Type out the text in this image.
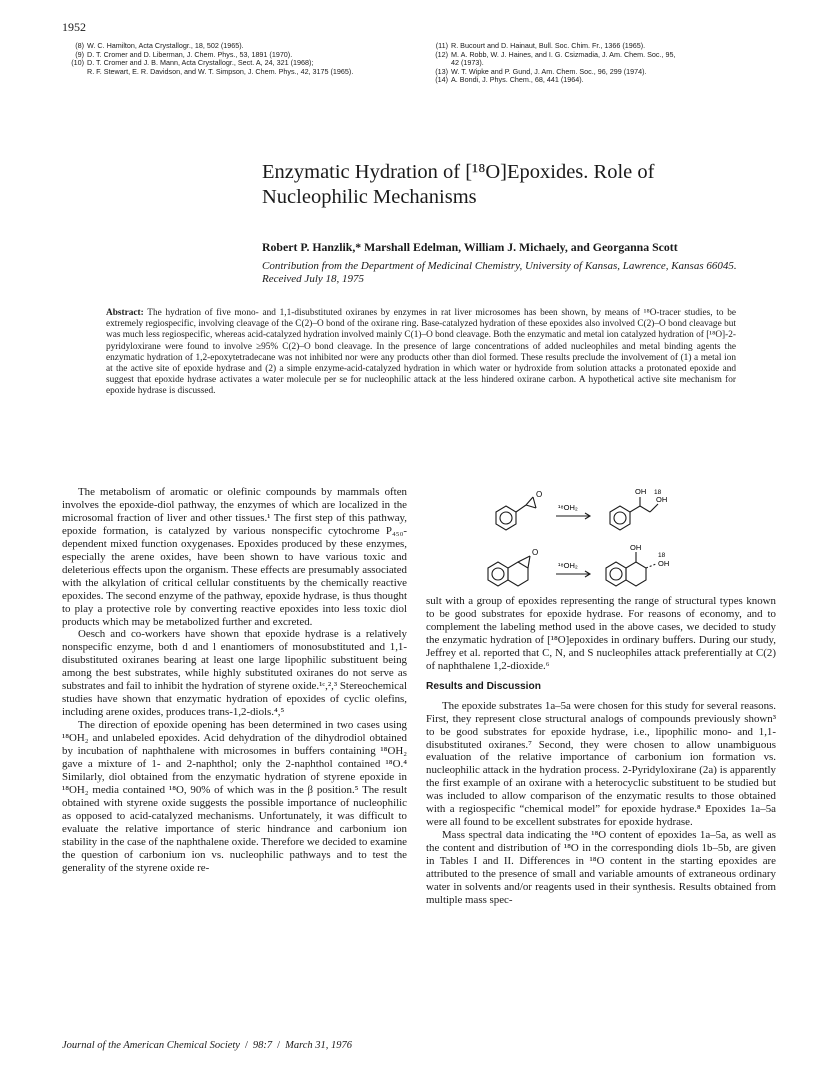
1952
(8) W. C. Hamilton, Acta Crystallogr., 18, 502 (1965).
(9) D. T. Cromer and D. Liberman, J. Chem. Phys., 53, 1891 (1970).
(10) D. T. Cromer and J. B. Mann, Acta Crystallogr., Sect. A, 24, 321 (1968);
R. F. Stewart, E. R. Davidson, and W. T. Simpson, J. Chem. Phys., 42, 3175 (1965).
(11) R. Bucourt and D. Hainaut, Bull. Soc. Chim. Fr., 1366 (1965).
(12) M. A. Robb, W. J. Haines, and I. G. Csizmadia, J. Am. Chem. Soc., 95,
42 (1973).
(13) W. T. Wipke and P. Gund, J. Am. Chem. Soc., 96, 299 (1974).
(14) A. Bondi, J. Phys. Chem., 68, 441 (1964).
Enzymatic Hydration of [¹⁸O]Epoxides. Role of Nucleophilic Mechanisms

Robert P. Hanzlik,* Marshall Edelman, William J. Michaely, and Georganna Scott

Contribution from the Department of Medicinal Chemistry, University of Kansas, Lawrence, Kansas 66045. Received July 18, 1975

Abstract: The hydration of five mono- and 1,1-disubstituted oxiranes by enzymes in rat liver microsomes has been shown, by means of ¹⁸O-tracer studies, to be extremely regiospecific, involving cleavage of the C(2)–O bond of the oxirane ring. Base-catalyzed hydration of these epoxides also involved C(2)–O bond cleavage but was much less regiospecific, whereas acid-catalyzed hydration involved mainly C(1)–O bond cleavage. Both the enzymatic and metal ion catalyzed hydration of [¹⁸O]-2-pyridyloxirane were found to involve ≥95% C(2)–O bond cleavage. In the presence of large concentrations of added nucleophiles and metal binding agents the enzymatic hydration of 1,2-epoxytetradecane was not inhibited nor were any products other than diol formed. These results preclude the involvement of (1) a metal ion at the active site of epoxide hydrase and (2) a simple enzyme-acid-catalyzed hydration in which water or hydroxide from solution attacks a protonated epoxide and suggest that epoxide hydrase activates a water molecule per se for nucleophilic attack at the less hindered oxirane carbon. A hypothetical active site mechanism for epoxide hydrase is discussed.

The metabolism of aromatic or olefinic compounds by mammals often involves the epoxide-diol pathway, the enzymes of which are localized in the microsomal fraction of liver and other tissues.¹ The first step of this pathway, epoxide formation, is catalyzed by various nonspecific cytochrome P₄₅₀-dependent mixed function oxygenases. Epoxides produced by these enzymes, especially the arene oxides, have been shown to have various toxic and deleterious effects upon the organism. These effects are presumably associated with the alkylation of critical cellular constituents by the chemically reactive epoxides. The second enzyme of the pathway, epoxide hydrase, is thus thought to play a protective role by converting reactive epoxides into less toxic diol products which may be metabolized further and excreted.

Oesch and co-workers have shown that epoxide hydrase is a relatively nonspecific enzyme, both d and l enantiomers of monosubstituted and 1,1-disubstituted oxiranes bearing at least one large lipophilic substituent being among the best substrates, while highly substituted oxiranes do not serve as substrates and fail to inhibit the hydration of styrene oxide.¹ᶜ,²,³ Stereochemical studies have shown that enzymatic hydration of epoxides of cyclic olefins, including arene oxides, produces trans-1,2-diols.⁴,⁵

The direction of epoxide opening has been determined in two cases using ¹⁸OH₂ and unlabeled epoxides. Acid dehydration of the dihydrodiol obtained by incubation of naphthalene with microsomes in buffers containing ¹⁸OH₂ gave a mixture of 1- and 2-naphthol; only the 2-naphthol contained ¹⁸O.⁴ Similarly, diol obtained from the enzymatic hydration of styrene epoxide in ¹⁸OH₂ media contained ¹⁸O, 90% of which was in the β position.⁵ The result obtained with styrene oxide suggests the possible importance of nucleophilic as opposed to acid-catalyzed mechanisms. Unfortunately, it was difficult to evaluate the relative importance of steric hindrance and carbonium ion stability in the case of the naphthalene oxide. Therefore we decided to examine the question of carbonium ion vs. nucleophilic pathways and to test the generality of the styrene oxide re-

O
¹⁸OH₂
OH 18
OH
O
¹⁸OH₂
OH
18
OH

sult with a group of epoxides representing the range of structural types known to be good substrates for epoxide hydrase. For reasons of economy, and to complement the labeling method used in the above cases, we decided to study the enzymatic hydration of [¹⁸O]epoxides in ordinary buffers. During our study, Jeffrey et al. reported that C, N, and S nucleophiles attack preferentially at C(2) of naphthalene 1,2-dioxide.⁶

Results and Discussion

The epoxide substrates 1a–5a were chosen for this study for several reasons. First, they represent close structural analogs of compounds previously shown³ to be good substrates for epoxide hydrase, i.e., lipophilic mono- and 1,1-disubstituted oxiranes.⁷ Second, they were chosen to allow unambiguous evaluation of the relative importance of carbonium ion formation vs. nucleophilic attack in the hydration process. 2-Pyridyloxirane (2a) is apparently the first example of an oxirane with a heterocyclic substituent to be studied but was included to allow comparison of the enzymatic results to those obtained with a regiospecific “chemical model” for epoxide hydrase.⁸ Epoxides 1a–5a were all found to be excellent substrates for epoxide hydrase.

Mass spectral data indicating the ¹⁸O content of epoxides 1a–5a, as well as the content and distribution of ¹⁸O in the corresponding diols 1b–5b, are given in Tables I and II. Differences in ¹⁸O content in the starting epoxides are attributed to the presence of small and variable amounts of extraneous ordinary water in solvents and/or reagents used in their synthesis. Results obtained from multiple mass spec-

Journal of the American Chemical Society / 98:7 / March 31, 1976
